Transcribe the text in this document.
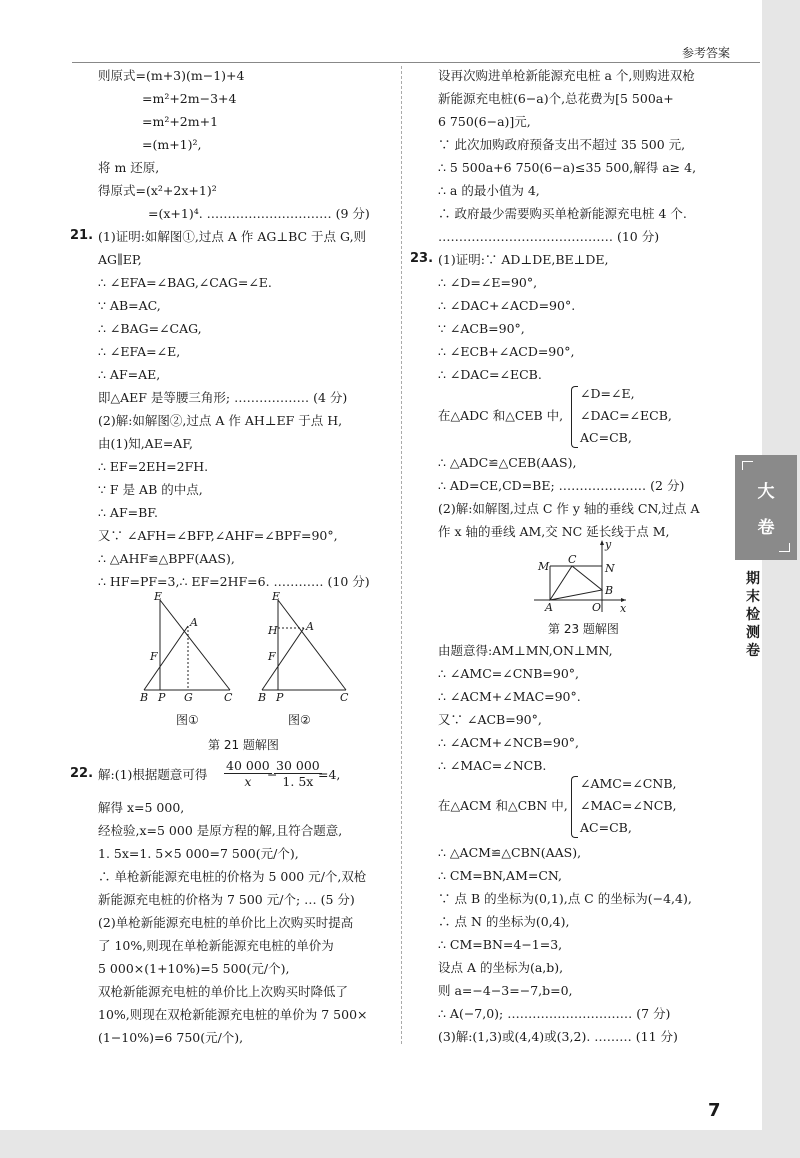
参考答案
则原式=(m+3)(m−1)+4
=m²+2m−3+4
=m²+2m+1
=(m+1)²,
将 m 还原,
得原式=(x²+2x+1)²
=(x+1)⁴. ………………………… (9 分)
21. (1)证明:如解图①,过点 A 作 AG⊥BC 于点 G,则
AG∥EP,
∴ ∠EFA=∠BAG,∠CAG=∠E.
∵ AB=AC,
∴ ∠BAG=∠CAG,
∴ ∠EFA=∠E,
∴ AF=AE,
即△AEF 是等腰三角形; ……………… (4 分)
(2)解:如解图②,过点 A 作 AH⊥EF 于点 H,
由(1)知,AE=AF,
∴ EF=2EH=2FH.
∵ F 是 AB 的中点,
∴ AF=BF.
又∵ ∠AFH=∠BFP,∠AHF=∠BPF=90°,
∴ △AHF≌△BPF(AAS),
∴ HF=PF=3,∴ EF=2HF=6. ………… (10 分)
E
A
F
B P G	C
图①
E
A
H
F
B P	C
图②
第 21 题解图
22. 解:(1)根据题意可得 $\frac{40 000}{x}$
−
$\frac{30 000}{1. 5x}$
=4,
解得 x=5 000,
经检验,x=5 000 是原方程的解,且符合题意,
1. 5x=1. 5×5 000=7 500(元/个),
∴ 单枪新能源充电桩的价格为 5 000 元/个,双枪
新能源充电桩的价格为 7 500 元/个; … (5 分)
(2)单枪新能源充电桩的单价比上次购买时提高
了 10%,则现在单枪新能源充电桩的单价为
5 000×(1+10%)=5 500(元/个),
双枪新能源充电桩的单价比上次购买时降低了
10%,则现在双枪新能源充电桩的单价为 7 500×
(1−10%)=6 750(元/个),
设再次购进单枪新能源充电桩 a 个,则购进双枪
新能源充电桩(6−a)个,总花费为[5 500a+
6 750(6−a)]元,
∵ 此次加购政府预备支出不超过 35 500 元,
∴ 5 500a+6 750(6−a)≤35 500,解得 a≥ 4,
∴ a 的最小值为 4,
∴ 政府最少需要购买单枪新能源充电桩 4 个.
…………………………………… (10 分)
23. (1)证明:∵ AD⊥DE,BE⊥DE,
∴ ∠D=∠E=90°,
∴ ∠DAC+∠ACD=90°.
∵ ∠ACB=90°,
∴ ∠ECB+∠ACD=90°,
∴ ∠DAC=∠ECB.
在△ADC 和△CEB 中,
∠D=∠E,
∠DAC=∠ECB,
AC=CB,
∴ △ADC≌△CEB(AAS),
∴ AD=CE,CD=BE; ………………… (2 分)
(2)解:如解图,过点 C 作 y 轴的垂线 CN,过点 A
作 x 轴的垂线 AM,交 NC 延长线于点 M,
M
C
N
B
A	O x
y
第 23 题解图
由题意得:AM⊥MN,ON⊥MN,
∴ ∠AMC=∠CNB=90°,
∴ ∠ACM+∠MAC=90°.
又∵ ∠ACB=90°,
∴ ∠ACM+∠NCB=90°,
∴ ∠MAC=∠NCB.
在△ACM 和△CBN 中,
∠AMC=∠CNB,
∠MAC=∠NCB,
AC=CB,
∴ △ACM≌△CBN(AAS),
∴ CM=BN,AM=CN,
∵ 点 B 的坐标为(0,1),点 C 的坐标为(−4,4),
∴ 点 N 的坐标为(0,4),
∴ CM=BN=4−1=3,
设点 A 的坐标为(a,b),
则 a=−4−3=−7,b=0,
∴ A(−7,0); ………………………… (7 分)
(3)解:(1,3)或(4,4)或(3,2). ……… (11 分)
大
卷
期
末
检
测
卷
7
